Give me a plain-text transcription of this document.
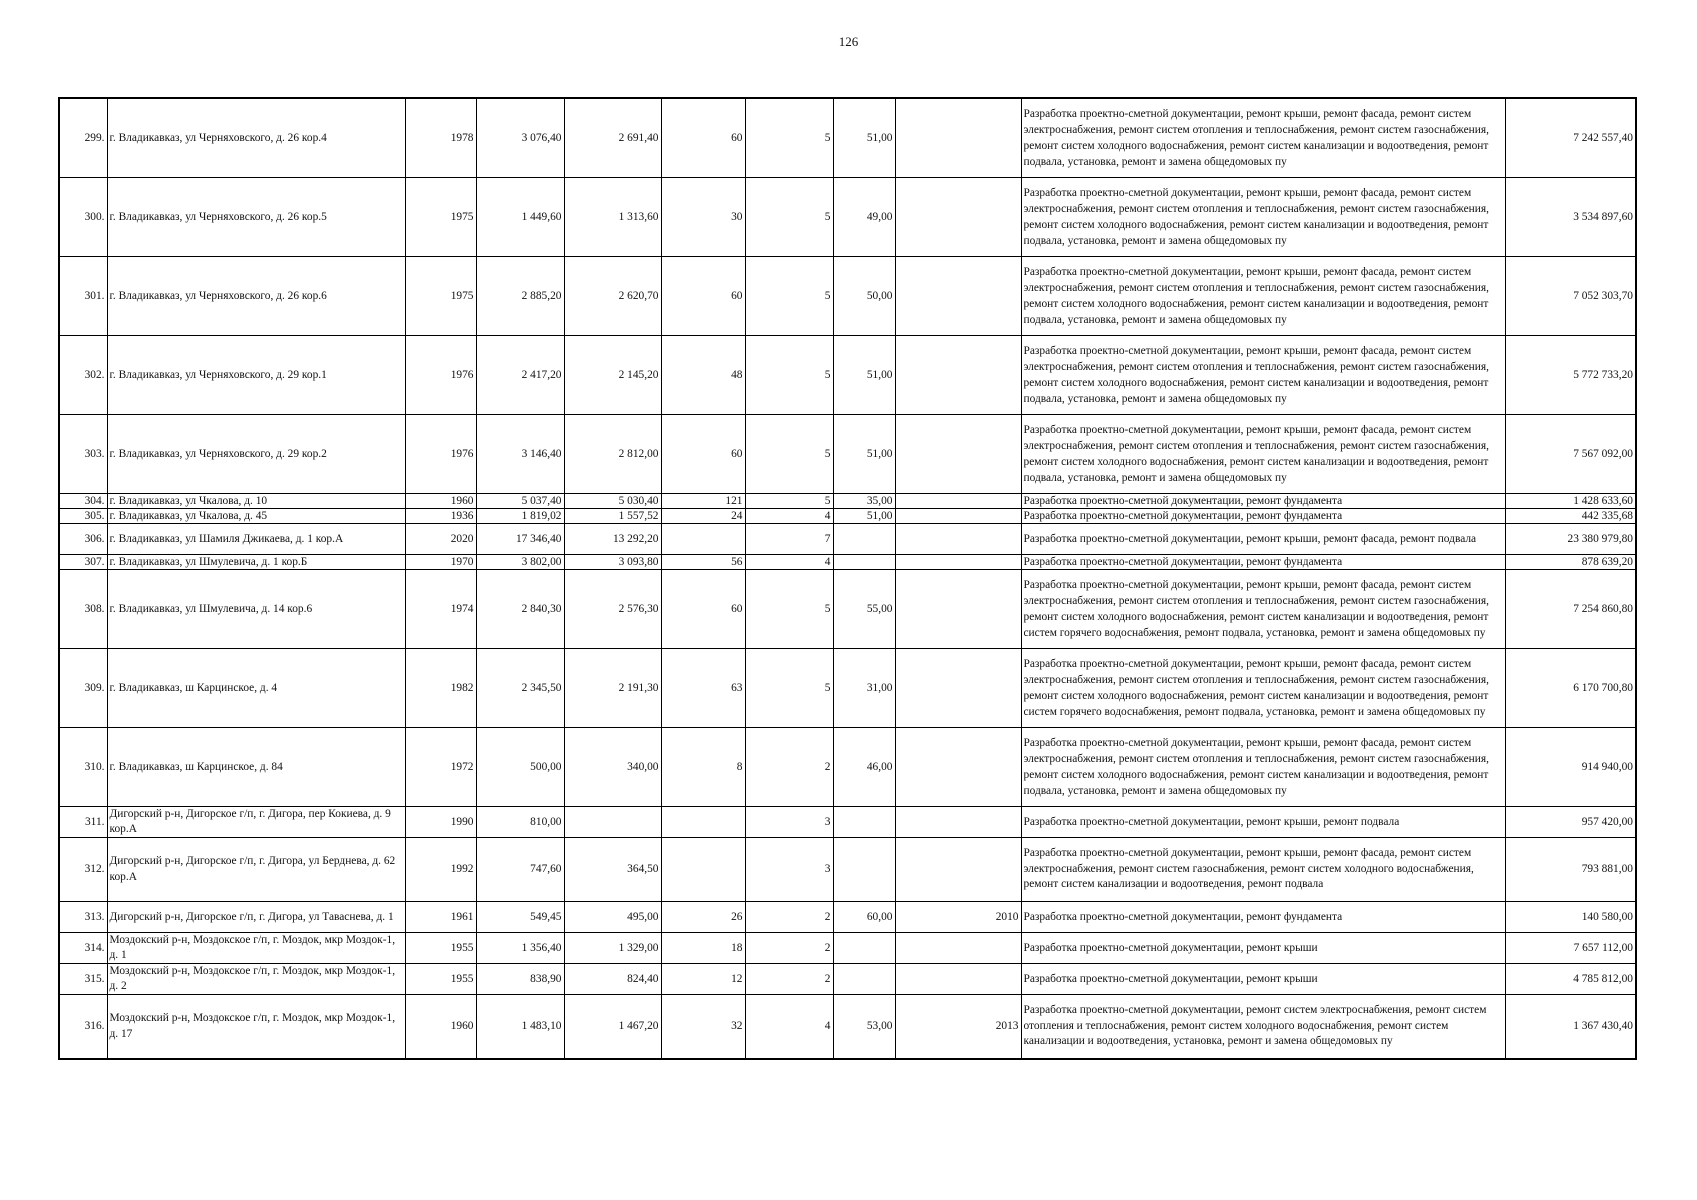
126
299.	г. Владикавказ, ул Черняховского, д. 26 кор.4	1978	3 076,40	2 691,40	60	5	51,00		Разработка проектно-сметной документации, ремонт крыши, ремонт фасада, ремонт систем электроснабжения, ремонт систем отопления и теплоснабжения, ремонт систем газоснабжения, ремонт систем холодного водоснабжения, ремонт систем канализации и водоотведения, ремонт подвала, установка, ремонт и замена общедомовых пу	7 242 557,40
300.	г. Владикавказ, ул Черняховского, д. 26 кор.5	1975	1 449,60	1 313,60	30	5	49,00		Разработка проектно-сметной документации, ремонт крыши, ремонт фасада, ремонт систем электроснабжения, ремонт систем отопления и теплоснабжения, ремонт систем газоснабжения, ремонт систем холодного водоснабжения, ремонт систем канализации и водоотведения, ремонт подвала, установка, ремонт и замена общедомовых пу	3 534 897,60
301.	г. Владикавказ, ул Черняховского, д. 26 кор.6	1975	2 885,20	2 620,70	60	5	50,00		Разработка проектно-сметной документации, ремонт крыши, ремонт фасада, ремонт систем электроснабжения, ремонт систем отопления и теплоснабжения, ремонт систем газоснабжения, ремонт систем холодного водоснабжения, ремонт систем канализации и водоотведения, ремонт подвала, установка, ремонт и замена общедомовых пу	7 052 303,70
302.	г. Владикавказ, ул Черняховского, д. 29 кор.1	1976	2 417,20	2 145,20	48	5	51,00		Разработка проектно-сметной документации, ремонт крыши, ремонт фасада, ремонт систем электроснабжения, ремонт систем отопления и теплоснабжения, ремонт систем газоснабжения, ремонт систем холодного водоснабжения, ремонт систем канализации и водоотведения, ремонт подвала, установка, ремонт и замена общедомовых пу	5 772 733,20
303.	г. Владикавказ, ул Черняховского, д. 29 кор.2	1976	3 146,40	2 812,00	60	5	51,00		Разработка проектно-сметной документации, ремонт крыши, ремонт фасада, ремонт систем электроснабжения, ремонт систем отопления и теплоснабжения, ремонт систем газоснабжения, ремонт систем холодного водоснабжения, ремонт систем канализации и водоотведения, ремонт подвала, установка, ремонт и замена общедомовых пу	7 567 092,00
304.	г. Владикавказ, ул Чкалова, д. 10	1960	5 037,40	5 030,40	121	5	35,00		Разработка проектно-сметной документации, ремонт фундамента	1 428 633,60
305.	г. Владикавказ, ул Чкалова, д. 45	1936	1 819,02	1 557,52	24	4	51,00		Разработка проектно-сметной документации, ремонт фундамента	442 335,68
306.	г. Владикавказ, ул Шамиля Джикаева, д. 1 кор.А	2020	17 346,40	13 292,20		7			Разработка проектно-сметной документации, ремонт крыши, ремонт фасада, ремонт подвала	23 380 979,80
307.	г. Владикавказ, ул Шмулевича, д. 1 кор.Б	1970	3 802,00	3 093,80	56	4			Разработка проектно-сметной документации, ремонт фундамента	878 639,20
308.	г. Владикавказ, ул Шмулевича, д. 14 кор.6	1974	2 840,30	2 576,30	60	5	55,00		Разработка проектно-сметной документации, ремонт крыши, ремонт фасада, ремонт систем электроснабжения, ремонт систем отопления и теплоснабжения, ремонт систем газоснабжения, ремонт систем холодного водоснабжения, ремонт систем канализации и водоотведения, ремонт систем горячего водоснабжения, ремонт подвала, установка, ремонт и замена общедомовых пу	7 254 860,80
309.	г. Владикавказ, ш Карцинское, д. 4	1982	2 345,50	2 191,30	63	5	31,00		Разработка проектно-сметной документации, ремонт крыши, ремонт фасада, ремонт систем электроснабжения, ремонт систем отопления и теплоснабжения, ремонт систем газоснабжения, ремонт систем холодного водоснабжения, ремонт систем канализации и водоотведения, ремонт систем горячего водоснабжения, ремонт подвала, установка, ремонт и замена общедомовых пу	6 170 700,80
310.	г. Владикавказ, ш Карцинское, д. 84	1972	500,00	340,00	8	2	46,00		Разработка проектно-сметной документации, ремонт крыши, ремонт фасада, ремонт систем электроснабжения, ремонт систем отопления и теплоснабжения, ремонт систем газоснабжения, ремонт систем холодного водоснабжения, ремонт систем канализации и водоотведения, ремонт подвала, установка, ремонт и замена общедомовых пу	914 940,00
311.	Дигорский р-н, Дигорское г/п, г. Дигора, пер Кокиева, д. 9 кор.А	1990	810,00			3			Разработка проектно-сметной документации, ремонт крыши, ремонт подвала	957 420,00
312.	Дигорский р-н, Дигорское г/п, г. Дигора, ул Берднева, д. 62 кор.А	1992	747,60	364,50		3			Разработка проектно-сметной документации, ремонт крыши, ремонт фасада, ремонт систем электроснабжения, ремонт систем газоснабжения, ремонт систем холодного водоснабжения, ремонт систем канализации и водоотведения, ремонт подвала	793 881,00
313.	Дигорский р-н, Дигорское г/п, г. Дигора, ул Таваснева, д. 1	1961	549,45	495,00	26	2	60,00	2010	Разработка проектно-сметной документации, ремонт фундамента	140 580,00
314.	Моздокский р-н, Моздокское г/п, г. Моздок, мкр Моздок-1, д. 1	1955	1 356,40	1 329,00	18	2			Разработка проектно-сметной документации, ремонт крыши	7 657 112,00
315.	Моздокский р-н, Моздокское г/п, г. Моздок, мкр Моздок-1, д. 2	1955	838,90	824,40	12	2			Разработка проектно-сметной документации, ремонт крыши	4 785 812,00
316.	Моздокский р-н, Моздокское г/п, г. Моздок, мкр Моздок-1, д. 17	1960	1 483,10	1 467,20	32	4	53,00	2013	Разработка проектно-сметной документации, ремонт систем электроснабжения, ремонт систем отопления и теплоснабжения, ремонт систем холодного водоснабжения, ремонт систем канализации и водоотведения, установка, ремонт и замена общедомовых пу	1 367 430,40
